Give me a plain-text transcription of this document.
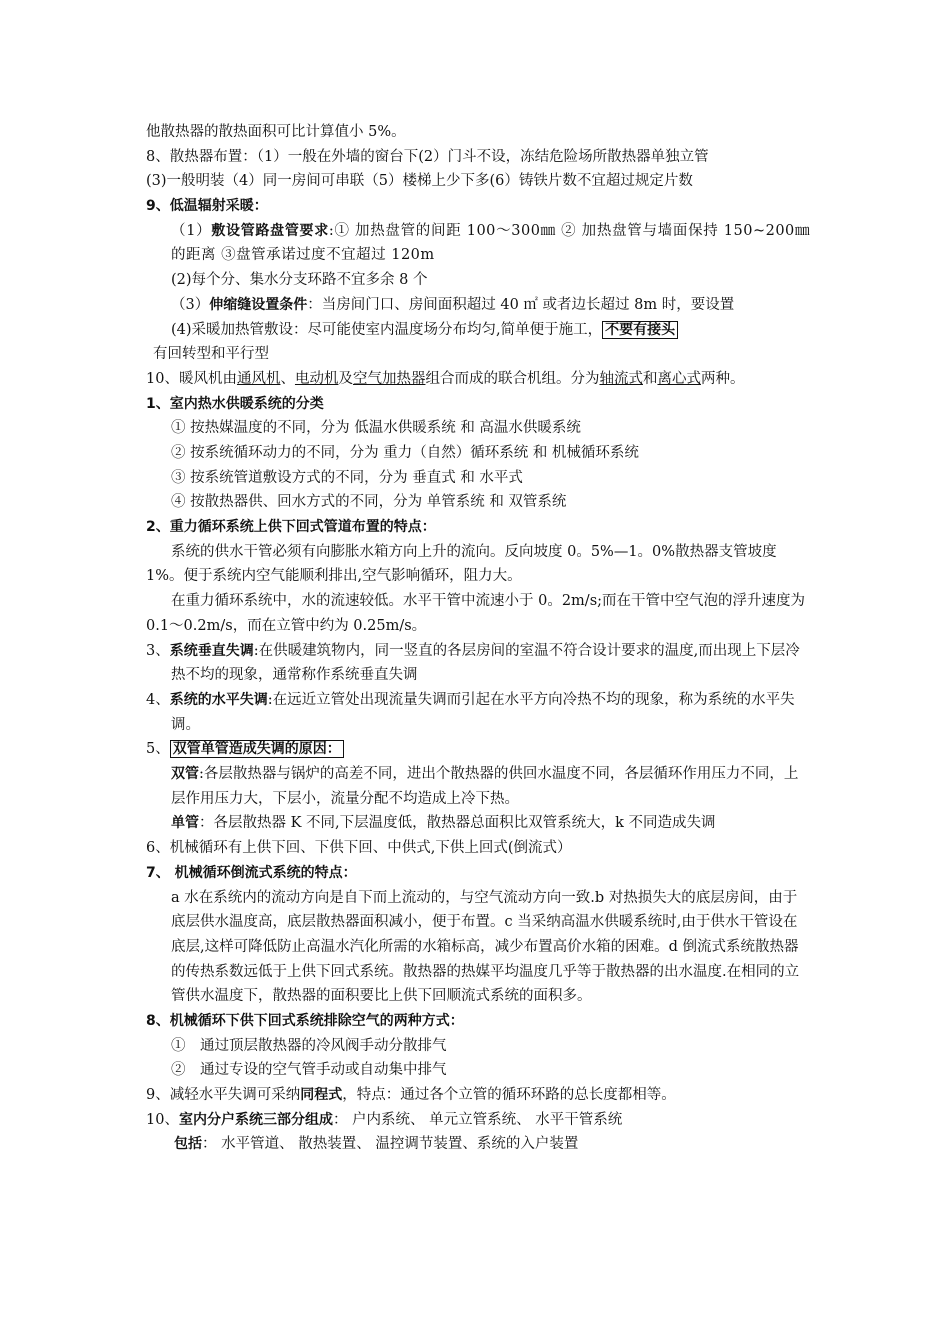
他散热器的散热面积可比计算值小 5%。
8、散热器布置：（1）一般在外墙的窗台下(2）门斗不设，冻结危险场所散热器单独立管
(3)一般明装（4）同一房间可串联（5）楼梯上少下多(6）铸铁片数不宜超过规定片数
9、低温辐射采暖：
（1）敷设管路盘管要求:① 加热盘管的间距 100～300㎜ ② 加热盘管与墙面保持 150~200㎜的距离 ③盘管承诺过度不宜超过 120m
(2)每个分、集水分支环路不宜多余 8 个
（3）伸缩缝设置条件：当房间门口、房间面积超过 40 ㎡ 或者边长超过 8m 时，要设置
(4)采暖加热管敷设：尽可能使室内温度场分布均匀,简单便于施工， 不要有接头
有回转型和平行型
10、暖风机由通风机、电动机及空气加热器组合而成的联合机组。分为轴流式和离心式两种。
1、室内热水供暖系统的分类
① 按热媒温度的不同，分为 低温水供暖系统 和 高温水供暖系统
② 按系统循环动力的不同，分为 重力（自然）循环系统 和 机械循环系统
③ 按系统管道敷设方式的不同，分为 垂直式 和 水平式
④ 按散热器供、回水方式的不同，分为 单管系统 和 双管系统
2、重力循环系统上供下回式管道布置的特点：
系统的供水干管必须有向膨胀水箱方向上升的流向。反向坡度 0。5%—1。0%散热器支管坡度 1%。便于系统内空气能顺利排出,空气影响循环，阻力大。
在重力循环系统中，水的流速较低。水平干管中流速小于 0。2m/s;而在干管中空气泡的浮升速度为 0.1～0.2m/s，而在立管中约为 0.25m/s。
3、系统垂直失调:在供暖建筑物内，同一竖直的各层房间的室温不符合设计要求的温度,而出现上下层冷热不均的现象，通常称作系统垂直失调
4、系统的水平失调:在远近立管处出现流量失调而引起在水平方向冷热不均的现象，称为系统的水平失调。
5、 双管单管造成失调的原因：
双管:各层散热器与锅炉的高差不同，进出个散热器的供回水温度不同，各层循环作用压力不同，上层作用压力大，下层小，流量分配不均造成上冷下热。
单管：各层散热器 K 不同,下层温度低，散热器总面积比双管系统大，k 不同造成失调
6、机械循环有上供下回、下供下回、中供式,下供上回式(倒流式）
7、 机械循环倒流式系统的特点：
a 水在系统内的流动方向是自下而上流动的，与空气流动方向一致.b 对热损失大的底层房间，由于底层供水温度高，底层散热器面积减小，便于布置。c 当采纳高温水供暖系统时,由于供水干管设在底层,这样可降低防止高温水汽化所需的水箱标高，减少布置高价水箱的困难。d 倒流式系统散热器的传热系数远低于上供下回式系统。散热器的热媒平均温度几乎等于散热器的出水温度.在相同的立管供水温度下，散热器的面积要比上供下回顺流式系统的面积多。
8、机械循环下供下回式系统排除空气的两种方式：
①　通过顶层散热器的冷风阀手动分散排气
②　通过专设的空气管手动或自动集中排气
9、减轻水平失调可采纳同程式，特点：通过各个立管的循环环路的总长度都相等。
10、室内分户系统三部分组成： 户内系统、 单元立管系统、 水平干管系统
包括： 水平管道、 散热装置、 温控调节装置、系统的入户装置
